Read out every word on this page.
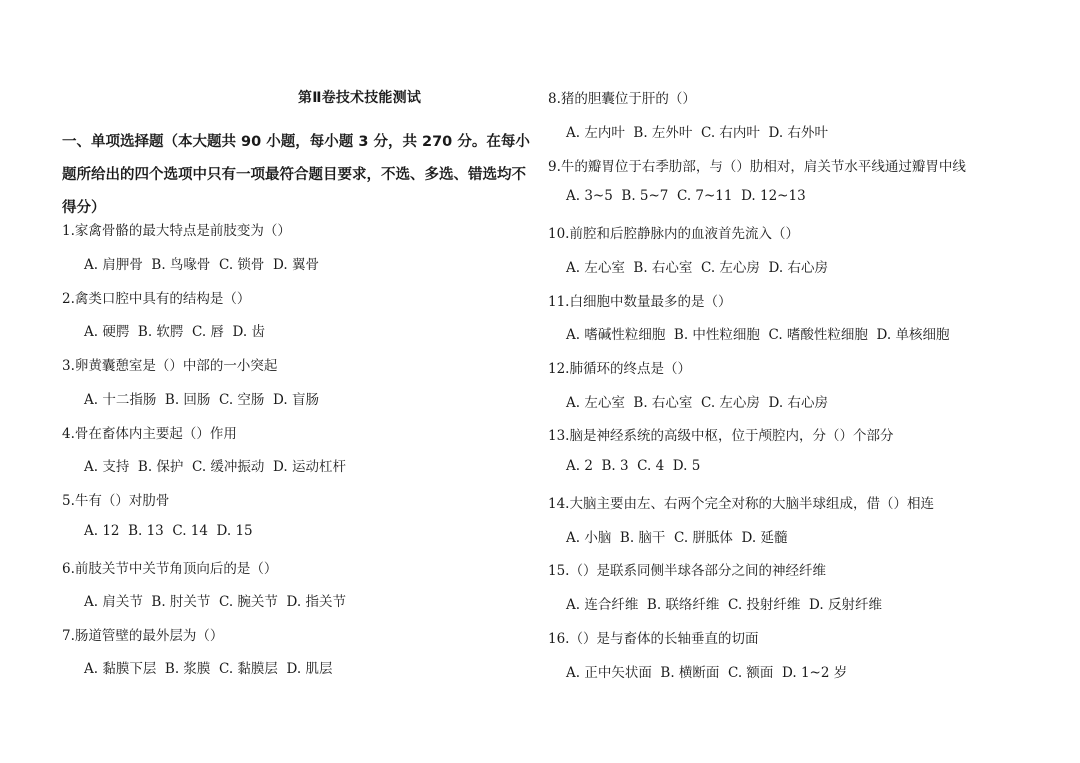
第Ⅱ卷技术技能测试
一、单项选择题（本大题共 90 小题，每小题 3 分，共 270 分。在每小题所给出的四个选项中只有一项最符合题目要求，不选、多选、错选均不得分）
1.家禽骨骼的最大特点是前肢变为（）
A. 肩胛骨  B. 鸟喙骨  C. 锁骨  D. 翼骨
2.禽类口腔中具有的结构是（）
A. 硬腭  B. 软腭  C. 唇  D. 齿
3.卵黄囊憩室是（）中部的一小突起
A. 十二指肠  B. 回肠  C. 空肠  D. 盲肠
4.骨在畜体内主要起（）作用
A. 支持  B. 保护  C. 缓冲振动  D. 运动杠杆
5.牛有（）对肋骨
A. 12  B. 13  C. 14  D. 15
6.前肢关节中关节角顶向后的是（）
A. 肩关节  B. 肘关节  C. 腕关节  D. 指关节
7.肠道管壁的最外层为（）
A. 黏膜下层  B. 浆膜  C. 黏膜层  D. 肌层
8.猪的胆囊位于肝的（）
A. 左内叶  B. 左外叶  C. 右内叶  D. 右外叶
9.牛的瓣胃位于右季肋部，与（）肋相对，肩关节水平线通过瓣胃中线
A. 3~5  B. 5~7  C. 7~11  D. 12~13
10.前腔和后腔静脉内的血液首先流入（）
A. 左心室  B. 右心室  C. 左心房  D. 右心房
11.白细胞中数量最多的是（）
A. 嗜碱性粒细胞  B. 中性粒细胞  C. 嗜酸性粒细胞  D. 单核细胞
12.肺循环的终点是（）
A. 左心室  B. 右心室  C. 左心房  D. 右心房
13.脑是神经系统的高级中枢，位于颅腔内，分（）个部分
A. 2  B. 3  C. 4  D. 5
14.大脑主要由左、右两个完全对称的大脑半球组成，借（）相连
A. 小脑  B. 脑干  C. 胼胝体  D. 延髓
15.（）是联系同侧半球各部分之间的神经纤维
A. 连合纤维  B. 联络纤维  C. 投射纤维  D. 反射纤维
16.（）是与畜体的长轴垂直的切面
A. 正中矢状面  B. 横断面  C. 额面  D. 1~2 岁
